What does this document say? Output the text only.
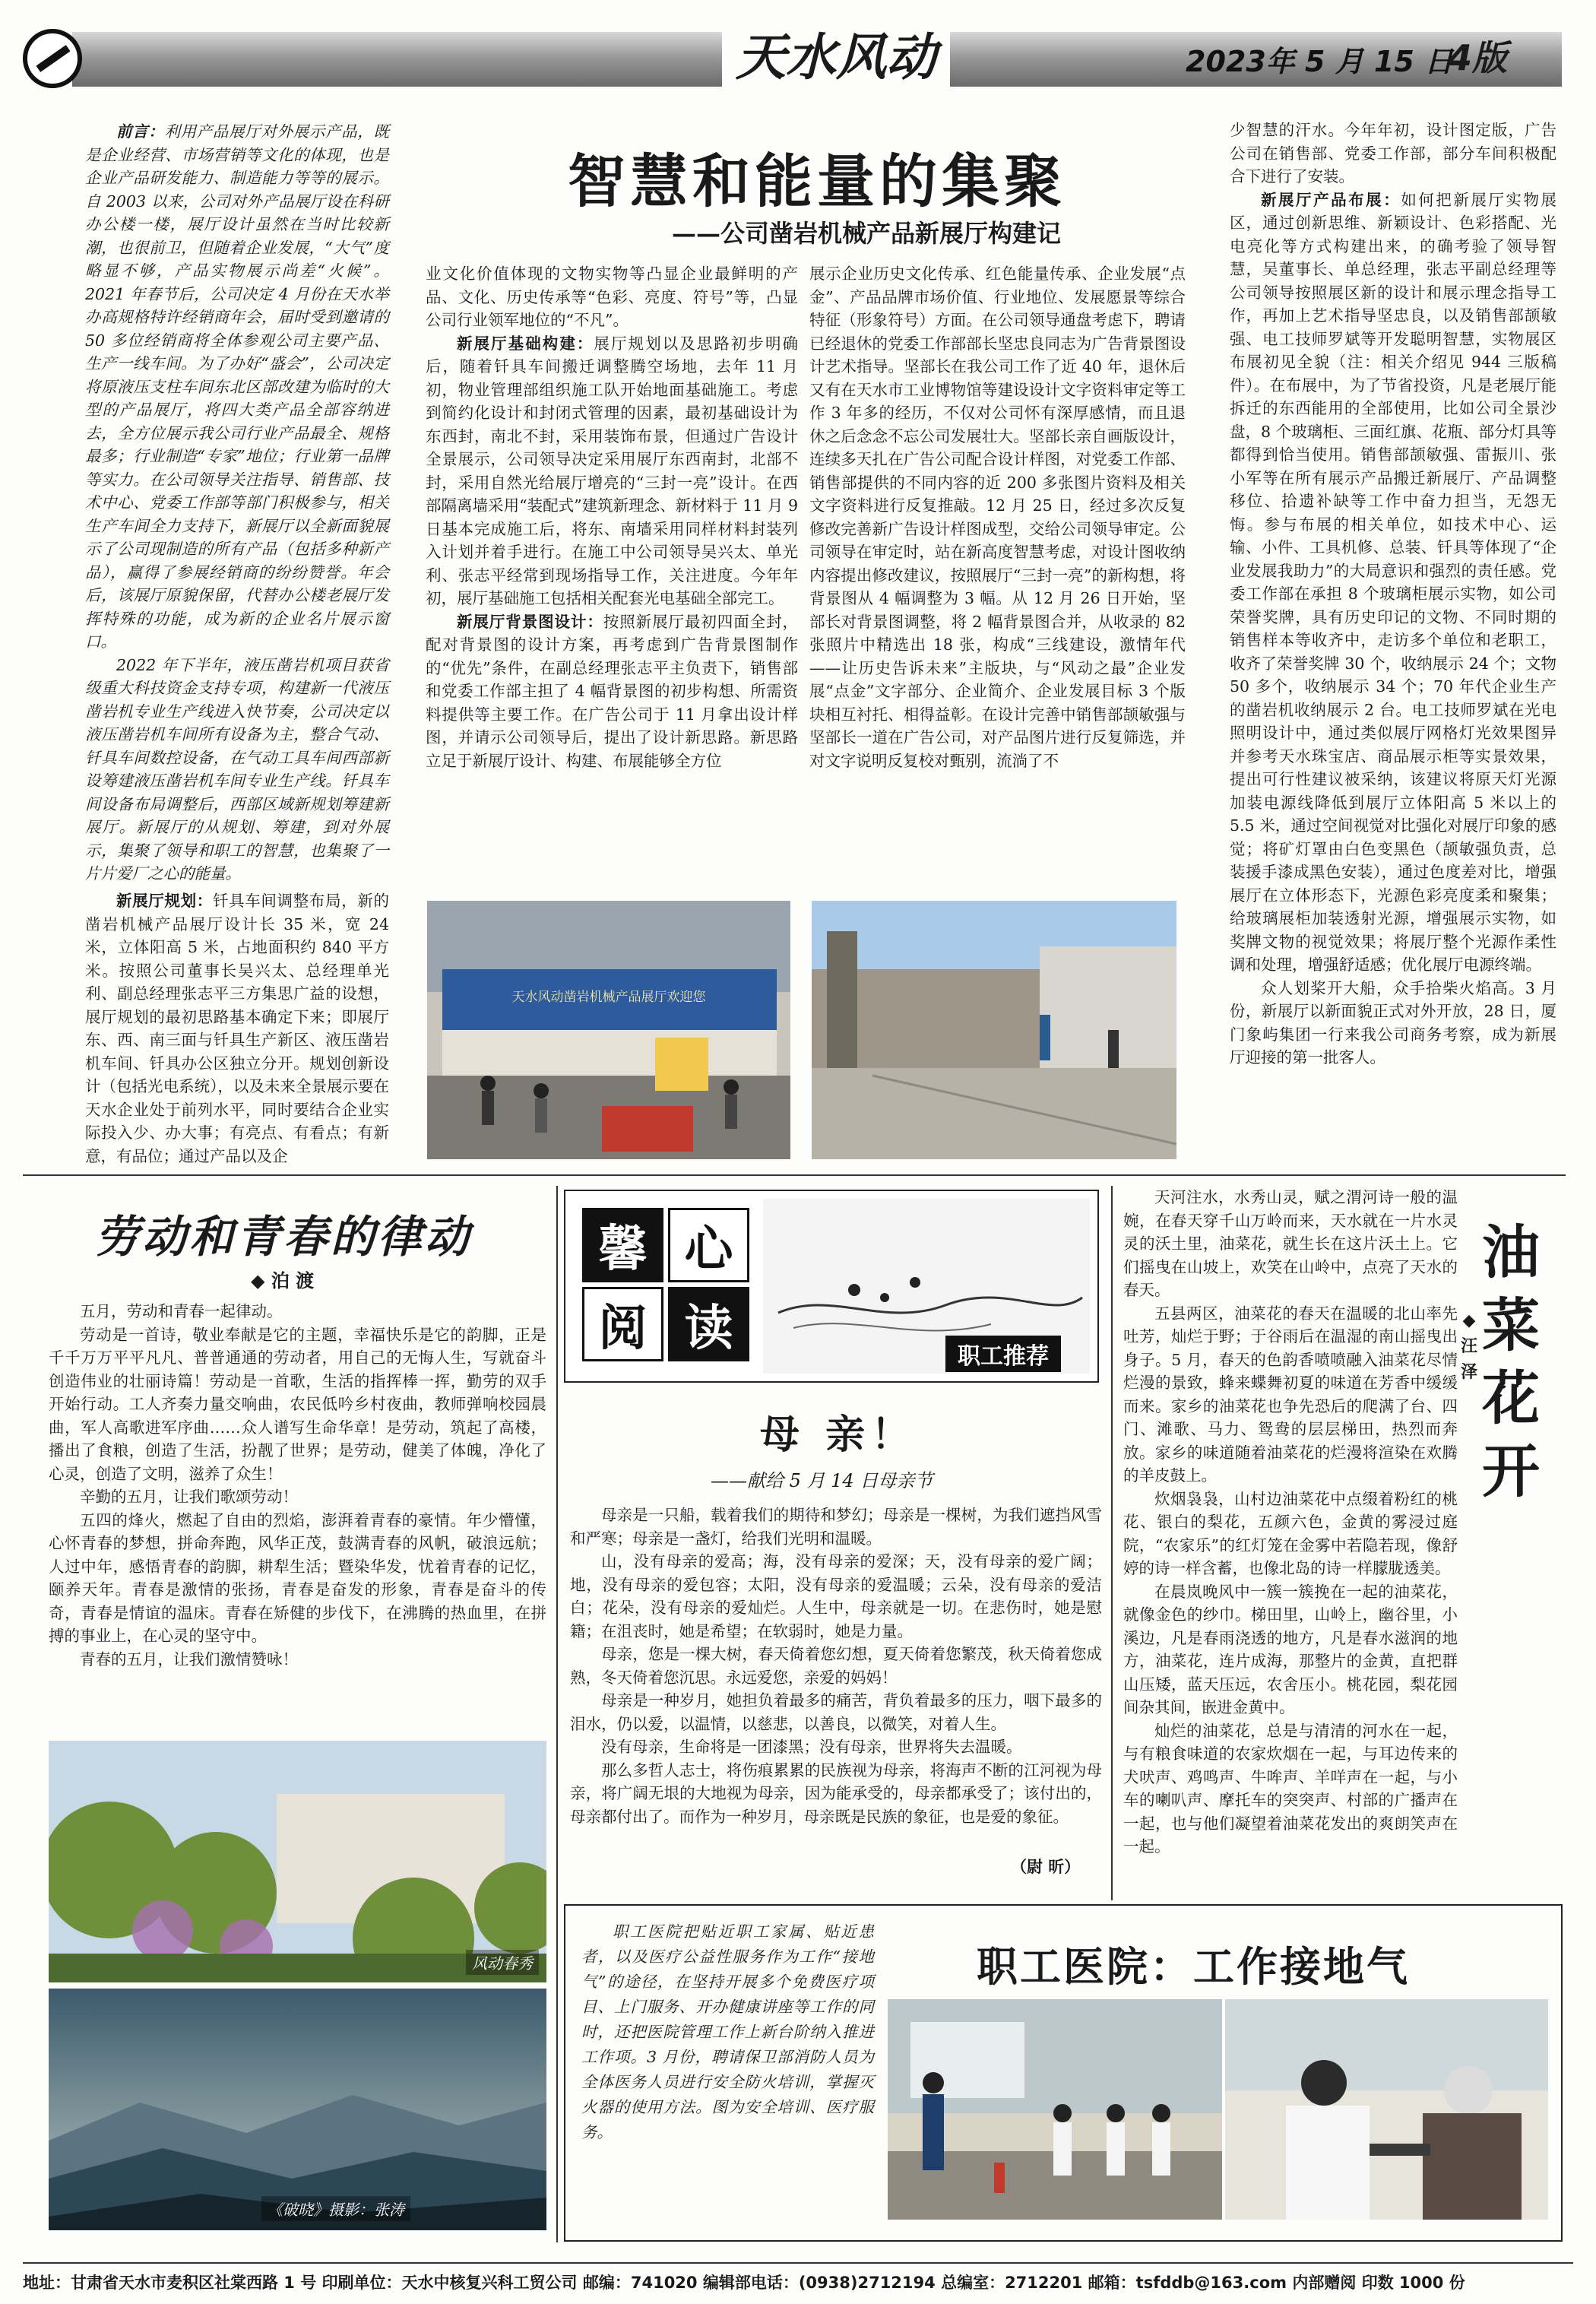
天水风动	2023年 5 月 15 日
4版
智慧和能量的集聚
——公司凿岩机械产品新展厅构建记

前言：利用产品展厅对外展示产品，既是企业经营、市场营销等文化的体现，也是企业产品研发能力、制造能力等等的展示。自 2003 以来，公司对外产品展厅设在科研办公楼一楼，展厅设计虽然在当时比较新潮，也很前卫，但随着企业发展，“大气”度略显不够，产品实物展示尚差“火候”。2021 年春节后，公司决定 4 月份在天水举办高规格特许经销商年会，届时受到邀请的 50 多位经销商将全体参观公司主要产品、生产一线车间。为了办好“盛会”，公司决定将原液压支柱车间东北区部改建为临时的大型的产品展厅，将四大类产品全部容纳进去，全方位展示我公司行业产品最全、规格最多；行业制造“专家”地位；行业第一品牌等实力。在公司领导关注指导、销售部、技术中心、党委工作部等部门积极参与，相关生产车间全力支持下，新展厅以全新面貌展示了公司现制造的所有产品（包括多种新产品），赢得了参展经销商的纷纷赞誉。年会后，该展厅原貌保留，代替办公楼老展厅发挥特殊的功能，成为新的企业名片展示窗口。

2022 年下半年，液压凿岩机项目获省级重大科技资金支持专项，构建新一代液压凿岩机专业生产线进入快节奏，公司决定以液压凿岩机车间所有设备为主，整合气动、钎具车间数控设备，在气动工具车间西部新设筹建液压凿岩机车间专业生产线。钎具车间设备布局调整后，西部区域新规划筹建新展厅。新展厅的从规划、筹建，到对外展示，集聚了领导和职工的智慧，也集聚了一片片爱厂之心的能量。

新展厅规划：钎具车间调整布局，新的凿岩机械产品展厅设计长 35 米，宽 24 米，立体阳高 5 米，占地面积约 840 平方米。按照公司董事长吴兴太、总经理单光利、副总经理张志平三方集思广益的设想，展厅规划的最初思路基本确定下来；即展厅东、西、南三面与钎具生产新区、液压凿岩机车间、钎具办公区独立分开。规划创新设计（包括光电系统），以及未来全景展示要在天水企业处于前列水平，同时要结合企业实际投入少、办大事；有亮点、有看点；有新意，有品位；通过产品以及企

业文化价值体现的文物实物等凸显企业最鲜明的产品、文化、历史传承等“色彩、亮度、符号”等，凸显公司行业领军地位的“不凡”。

新展厅基础构建：展厅规划以及思路初步明确后，随着钎具车间搬迁调整腾空场地，去年 11 月初，物业管理部组织施工队开始地面基础施工。考虑到简约化设计和封闭式管理的因素，最初基础设计为东西封，南北不封，采用装饰布景，但通过广告设计全景展示，公司领导决定采用展厅东西南封，北部不封，采用自然光给展厅增亮的“三封一亮”设计。在西部隔离墙采用“装配式”建筑新理念、新材料于 11 月 9 日基本完成施工后，将东、南墙采用同样材料封装列入计划并着手进行。在施工中公司领导吴兴太、单光利、张志平经常到现场指导工作，关注进度。今年年初，展厅基础施工包括相关配套光电基础全部完工。

新展厅背景图设计：按照新展厅最初四面全封，配对背景图的设计方案，再考虑到广告背景图制作的“优先”条件，在副总经理张志平主负责下，销售部和党委工作部主担了 4 幅背景图的初步构想、所需资料提供等主要工作。在广告公司于 11 月拿出设计样图，并请示公司领导后，提出了设计新思路。新思路立足于新展厅设计、构建、布展能够全方位

展示企业历史文化传承、红色能量传承、企业发展“点金”、产品品牌市场价值、行业地位、发展愿景等综合特征（形象符号）方面。在公司领导通盘考虑下，聘请已经退休的党委工作部部长坚忠良同志为广告背景图设计艺术指导。坚部长在我公司工作了近 40 年，退休后又有在天水市工业博物馆等建设设计文字资料审定等工作 3 年多的经历，不仅对公司怀有深厚感情，而且退休之后念念不忘公司发展壮大。坚部长亲自画版设计，连续多天扎在广告公司配合设计样图，对党委工作部、销售部提供的不同内容的近 200 多张图片资料及相关文字资料进行反复推敲。12 月 25 日，经过多次反复修改完善新广告设计样图成型，交给公司领导审定。公司领导在审定时，站在新高度智慧考虑，对设计图收纳内容提出修改建议，按照展厅“三封一亮”的新构想，将背景图从 4 幅调整为 3 幅。从 12 月 26 日开始，坚部长对背景图调整，将 2 幅背景图合并，从收录的 82 张照片中精选出 18 张，构成“三线建设，激情年代——让历史告诉未来”主版块，与“风动之最”企业发展“点金”文字部分、企业简介、企业发展目标 3 个版块相互衬托、相得益彰。在设计完善中销售部颉敏强与坚部长一道在广告公司，对产品图片进行反复筛选，并对文字说明反复校对甄别，流淌了不

少智慧的汗水。今年年初，设计图定版，广告公司在销售部、党委工作部，部分车间积极配合下进行了安装。

新展厅产品布展：如何把新展厅实物展区，通过创新思维、新颖设计、色彩搭配、光电亮化等方式构建出来，的确考验了领导智慧，吴董事长、单总经理，张志平副总经理等公司领导按照展区新的设计和展示理念指导工作，再加上艺术指导坚忠良，以及销售部颉敏强、电工技师罗斌等开发聪明智慧，实物展区布展初见全貌（注：相关介绍见 944 三版稿件）。在布展中，为了节省投资，凡是老展厅能拆迁的东西能用的全部使用，比如公司全景沙盘，8 个玻璃柜、三面红旗、花瓶、部分灯具等都得到恰当使用。销售部颉敏强、雷振川、张小军等在所有展示产品搬迁新展厅、产品调整移位、拾遗补缺等工作中奋力担当，无怨无悔。参与布展的相关单位，如技术中心、运输、小件、工具机修、总装、钎具等体现了“企业发展我助力”的大局意识和强烈的责任感。党委工作部在承担 8 个玻璃柜展示实物，如公司荣誉奖牌，具有历史印记的文物、不同时期的销售样本等收齐中，走访多个单位和老职工，收齐了荣誉奖牌 30 个，收纳展示 24 个；文物 50 多个，收纳展示 34 个；70 年代企业生产的凿岩机收纳展示 2 台。电工技师罗斌在光电照明设计中，通过类似展厅网格灯光效果图异并参考天水珠宝店、商品展示柜等实景效果，提出可行性建议被采纳，该建议将原天灯光源加装电源线降低到展厅立体阳高 5 米以上的 5.5 米，通过空间视觉对比强化对展厅印象的感觉；将矿灯罩由白色变黑色（颉敏强负责，总装援手漆成黑色安装），通过色度差对比，增强展厅在立体形态下，光源色彩亮度柔和聚集；给玻璃展柜加装透射光源，增强展示实物，如奖牌文物的视觉效果；将展厅整个光源作柔性调和处理，增强舒适感；优化展厅电源终端。

众人划桨开大船，众手拾柴火焰高。3 月份，新展厅以新面貌正式对外开放，28 日，厦门象屿集团一行来我公司商务考察，成为新展厅迎接的第一批客人。

天水风动凿岩机械产品展厅欢迎您
劳动和青春的律动
◆ 泊 渡

五月，劳动和青春一起律动。

劳动是一首诗，敬业奉献是它的主题，幸福快乐是它的韵脚，正是千千万万平平凡凡、普普通通的劳动者，用自己的无悔人生，写就奋斗创造伟业的壮丽诗篇！劳动是一首歌，生活的指挥棒一挥，勤劳的双手开始行动。工人齐奏力量交响曲，农民低吟乡村夜曲，教师弹响校园晨曲，军人高歌进军序曲……众人谱写生命华章！是劳动，筑起了高楼，播出了食粮，创造了生活，扮靓了世界；是劳动，健美了体魄，净化了心灵，创造了文明，滋养了众生！

辛勤的五月，让我们歌颂劳动！

五四的烽火，燃起了自由的烈焰，澎湃着青春的豪情。年少懵懂，心怀青春的梦想，拼命奔跑，风华正茂，鼓满青春的风帆，破浪远航；人过中年，感悟青春的韵脚，耕犁生活；暨染华发，忧着青春的记忆，颐养天年。青春是激情的张扬，青春是奋发的形象，青春是奋斗的传奇，青春是情谊的温床。青春在矫健的步伐下，在沸腾的热血里，在拼搏的事业上，在心灵的坚守中。

青春的五月，让我们激情赞咏！

风动春秀
《破晓》摄影：张涛
馨 心
阅 读	职工推荐
母 亲！
——献给 5 月 14 日母亲节

母亲是一只船，载着我们的期待和梦幻；母亲是一棵树，为我们遮挡风雪和严寒；母亲是一盏灯，给我们光明和温暖。

山，没有母亲的爱高；海，没有母亲的爱深；天，没有母亲的爱广阔；地，没有母亲的爱包容；太阳，没有母亲的爱温暖；云朵，没有母亲的爱洁白；花朵，没有母亲的爱灿烂。人生中，母亲就是一切。在悲伤时，她是慰籍；在沮丧时，她是希望；在软弱时，她是力量。

母亲，您是一棵大树，春天倚着您幻想，夏天倚着您繁茂，秋天倚着您成熟，冬天倚着您沉思。永远爱您，亲爱的妈妈！

母亲是一种岁月，她担负着最多的痛苦，背负着最多的压力，咽下最多的泪水，仍以爱，以温情，以慈悲，以善良，以微笑，对着人生。

没有母亲，生命将是一团漆黑；没有母亲，世界将失去温暖。

那么多哲人志士，将伤痕累累的民族视为母亲，将海声不断的江河视为母亲，将广阔无垠的大地视为母亲，因为能承受的，母亲都承受了；该付出的，母亲都付出了。而作为一种岁月，母亲既是民族的象征，也是爱的象征。

（尉 昕）

天河注水，水秀山灵，赋之渭河诗一般的温婉，在春天穿千山万岭而来，天水就在一片水灵灵的沃土里，油菜花，就生长在这片沃土上。它们摇曳在山坡上，欢笑在山岭中，点亮了天水的春天。

五县两区，油菜花的春天在温暖的北山率先吐芳，灿烂于野；于谷雨后在温湿的南山摇曳出身子。5 月，春天的色韵香喷喷融入油菜花尽情烂漫的景致，蜂来蝶舞初夏的味道在芳香中缓缓而来。家乡的油菜花也争先恐后的爬满了台、四门、滩歌、马力、鸳鸯的层层梯田，热烈而奔放。家乡的味道随着油菜花的烂漫将渲染在欢腾的羊皮鼓上。

炊烟袅袅，山村边油菜花中点缀着粉红的桃花、银白的梨花，五颜六色，金黄的雾浸过庭院，“农家乐”的红灯笼在金雾中若隐若现，像舒婷的诗一样含蓄，也像北岛的诗一样朦胧透美。

在晨岚晚风中一簇一簇挽在一起的油菜花，就像金色的纱巾。梯田里，山岭上，幽谷里，小溪边，凡是春雨浇透的地方，凡是春水滋润的地方，油菜花，连片成海，那整片的金黄，直把群山压矮，蓝天压远，农舍压小。桃花园，梨花园间杂其间，嵌进金黄中。

灿烂的油菜花，总是与清清的河水在一起，与有粮食味道的农家炊烟在一起，与耳边传来的犬吠声、鸡鸣声、牛哞声、羊咩声在一起，与小车的喇叭声、摩托车的突突声、村部的广播声在一起，也与他们凝望着油菜花发出的爽朗笑声在一起。

油菜花开
◆ 汪 泽

职工医院把贴近职工家属、贴近患者，以及医疗公益性服务作为工作“接地气”的途径，在坚持开展多个免费医疗项目、上门服务、开办健康讲座等工作的同时，还把医院管理工作上新台阶纳入推进工作项。3 月份，聘请保卫部消防人员为全体医务人员进行安全防火培训，掌握灭火器的使用方法。图为安全培训、医疗服务。

职工医院：工作接地气
地址：甘肃省天水市麦积区社棠西路 1 号 印刷单位：天水中核复兴科工贸公司 邮编：741020 编辑部电话：(0938)2712194 总编室：2712201 邮箱：tsfddb@163.com 内部赠阅 印数 1000 份
